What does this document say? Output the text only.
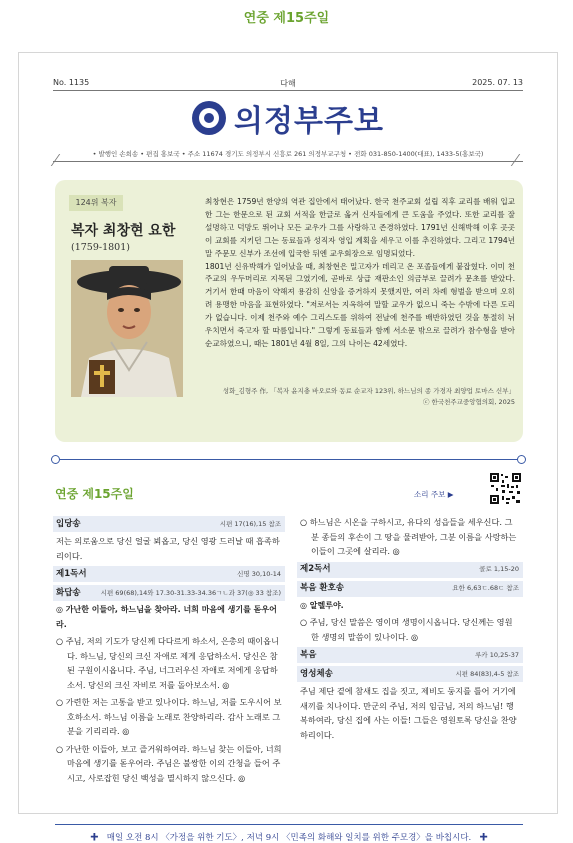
연중 제15주일
No. 1135	다해	2025. 07. 13
의정부주보
• 발행인 손희송 • 편집 홍보국 • 주소 11674 경기도 의정부시 신흥로 261 의정부교구청 • 전화 031-850-1400(대표), 1433-5(홍보국)
124위 복자
복자 최창현 요한
(1759-1801)

최창현은 1759년 한양의 역관 집안에서 태어났다. 한국 천주교회 설립 직후 교리를 배워 입교한 그는 한문으로 된 교회 서적을 한글로 옮겨 신자들에게 큰 도움을 주었다. 또한 교리를 잘 설명하고 덕망도 뛰어나 모든 교우가 그를 사랑하고 존경하였다. 1791년 신해박해 이후 곳곳이 교회를 지키던 그는 동료들과 성직자 영입 계획을 세우고 이를 추진하였다. 그리고 1794년 말 주문모 신부가 조선에 입국한 뒤엔 교우회장으로 임명되었다.

1801년 신유박해가 일어났을 때, 최창현은 밀고자가 데리고 온 포졸들에게 붙잡혔다. 이미 천주교의 우두머리로 지목된 그였기에, 곧바로 상급 재판소인 의금부로 끌려가 문초를 받았다. 거기서 한때 마음이 약해져 용감히 신앙을 증거하지 못했지만, 여러 차례 형벌을 받으며 오히려 용맹한 마음을 표현하였다. "저로서는 지옥하여 말할 교우가 없으니 죽는 수밖에 다른 도리가 없습니다. 이제 천주와 예수 그리스도를 위하여 전날에 천주를 배반하였던 것을 통절히 뉘우치면서 죽고자 할 따름입니다." 그렇게 동료들과 함께 서소문 밖으로 끌려가 참수형을 받아 순교하였으니, 때는 1801년 4월 8일, 그의 나이는 42세였다.

성화_김형주 作, 「복자 윤지충 바오로와 동료 순교자 123위, 하느님의 종 가경자 최양업 토마스 신부」
ⓒ 한국천주교중앙협의회, 2025
연중 제15주일	소리 주보 ▶
입당송	시편 17(16),15 참조
저는 의로움으로 당신 얼굴 뵈옵고, 당신 영광 드러날 때 흡족하리이다.
제1독서	신명 30,10-14
화답송	시편 69(68),14와 17.30-31.33-34.36ㄱㄴ과 37(◎ 33 참조)
◎ 가난한 이들아, 하느님을 찾아라. 너희 마음에 생기를 돋우어라.
○ 주님, 저의 기도가 당신께 다다르게 하소서, 은총의 때이옵니다. 하느님, 당신의 크신 자애로 제게 응답하소서. 당신은 참된 구원이시옵니다. 주님, 너그러우신 자애로 저에게 응답하소서. 당신의 크신 자비로 저를 돌아보소서. ◎
○ 가련한 저는 고통을 받고 있나이다. 하느님, 저를 도우시어 보호하소서. 하느님 이름을 노래로 찬양하리라. 감사 노래로 그분을 기리리라. ◎
○ 가난한 이들아, 보고 즐거워하여라. 하느님 찾는 이들아, 너희 마음에 생기를 돋우어라. 주님은 불쌍한 이의 간청을 들어 주시고, 사로잡힌 당신 백성을 멸시하지 않으신다. ◎
○ 하느님은 시온을 구하시고, 유다의 성읍들을 세우신다. 그분 종들의 후손이 그 땅을 물려받아, 그분 이름을 사랑하는 이들이 그곳에 살리라. ◎
제2독서	콜로 1,15-20
복음 환호송	요한 6,63ㄷ.68ㄷ 참조
◎ 알렐루야.
○ 주님, 당신 말씀은 영이며 생명이시옵니다. 당신께는 영원한 생명의 말씀이 있나이다. ◎
복음	루카 10,25-37
영성체송	시편 84(83),4-5 참조
주님 제단 곁에 참새도 집을 짓고, 제비도 둥지를 틀어 거기에 새끼를 치나이다. 만군의 주님, 저의 임금님, 저의 하느님! 행복하여라, 당신 집에 사는 이들! 그들은 영원토록 당신을 찬양하리이다.
✚ 매일 오전 8시 〈가정을 위한 기도〉, 저녁 9시 〈민족의 화해와 일치를 위한 주모경〉을 바칩시다. ✚
